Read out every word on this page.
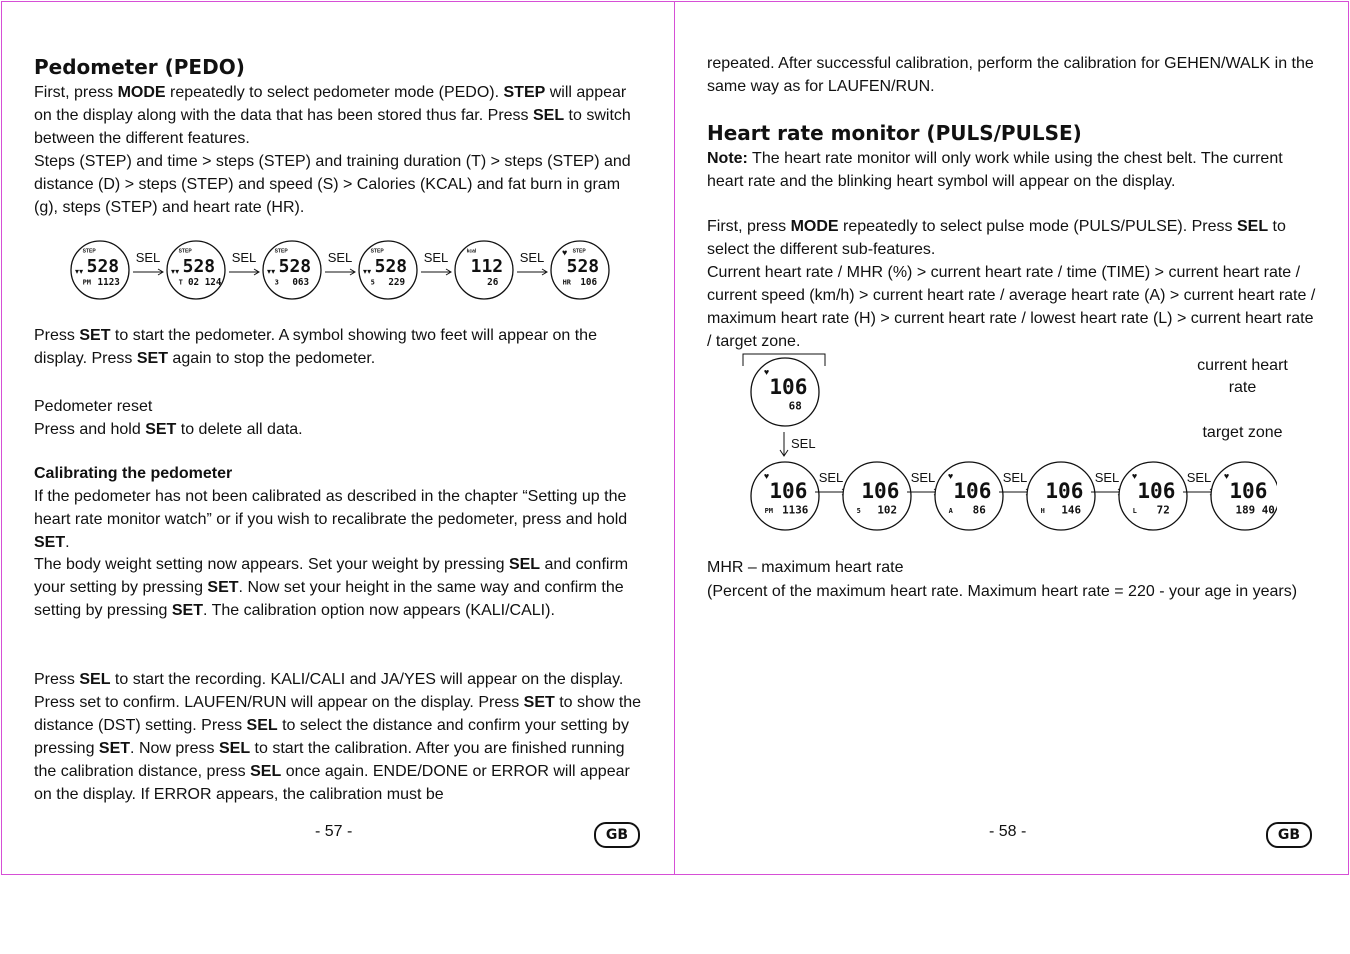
Pedometer (PEDO)
First, press MODE repeatedly to select pedometer mode (PEDO). STEP will appear on the display along with the data that has been stored thus far. Press SEL to switch between the different features.
Steps (STEP) and time > steps (STEP) and training duration (T) > steps (STEP) and distance (D) > steps (STEP) and speed (S) > Calories (KCAL) and fat burn in gram (g), steps (STEP) and heart rate (HR).
▾▾
STEP
528
PM 1123
SEL
▾▾
STEP
528
T 02 124
SEL
▾▾
STEP
528
3 063
SEL
▾▾
STEP
528
5 229
SEL	kcal
112
26
SEL ♥ STEP
528
HR 106
Press SET to start the pedometer. A symbol showing two feet will appear on the display. Press SET again to stop the pedometer.
Pedometer reset
Press and hold SET to delete all data.
Calibrating the pedometer
If the pedometer has not been calibrated as described in the chapter “Setting up the heart rate monitor watch” or if you wish to recalibrate the pedometer, press and hold SET.
The body weight setting now appears. Set your weight by pressing SEL and confirm your setting by pressing SET. Now set your height in the same way and confirm the setting by pressing SET. The calibration option now appears (KALI/CALI).
Press SEL to start the recording. KALI/CALI and JA/YES will appear on the display. Press set to confirm. LAUFEN/RUN will appear on the display. Press SET to show the distance (DST) setting. Press SEL to select the distance and confirm your setting by pressing SET. Now press SEL to start the calibration. After you are finished running the calibration distance, press SEL once again. ENDE/DONE or ERROR will appear on the display. If ERROR appears, the calibration must be
- 57 -	GB
repeated. After successful calibration, perform the calibration for GEHEN/WALK in the same way as for LAUFEN/RUN.
Heart rate monitor (PULS/PULSE)
Note: The heart rate monitor will only work while using the chest belt. The current heart rate and the blinking heart symbol will appear on the display.
First, press MODE repeatedly to select pulse mode (PULS/PULSE). Press SEL to select the different sub-features.
Current heart rate / MHR (%) > current heart rate / time (TIME) > current heart rate / current speed (km/h) > current heart rate / average heart rate (A) > current heart rate / maximum heart rate (H) > current heart rate / lowest heart rate (L) > current heart rate / target zone.
♥
106
68
SEL
♥
106
PM 1136
SEL
106
5 102
SEL ♥
106
A 86
SEL
106
H 146
SEL ♥
106
L 72
SEL ♥
106
189 40
current heart rate
target zone
MHR – maximum heart rate
(Percent of the maximum heart rate. Maximum heart rate = 220 - your age in years)
- 58 -	GB
